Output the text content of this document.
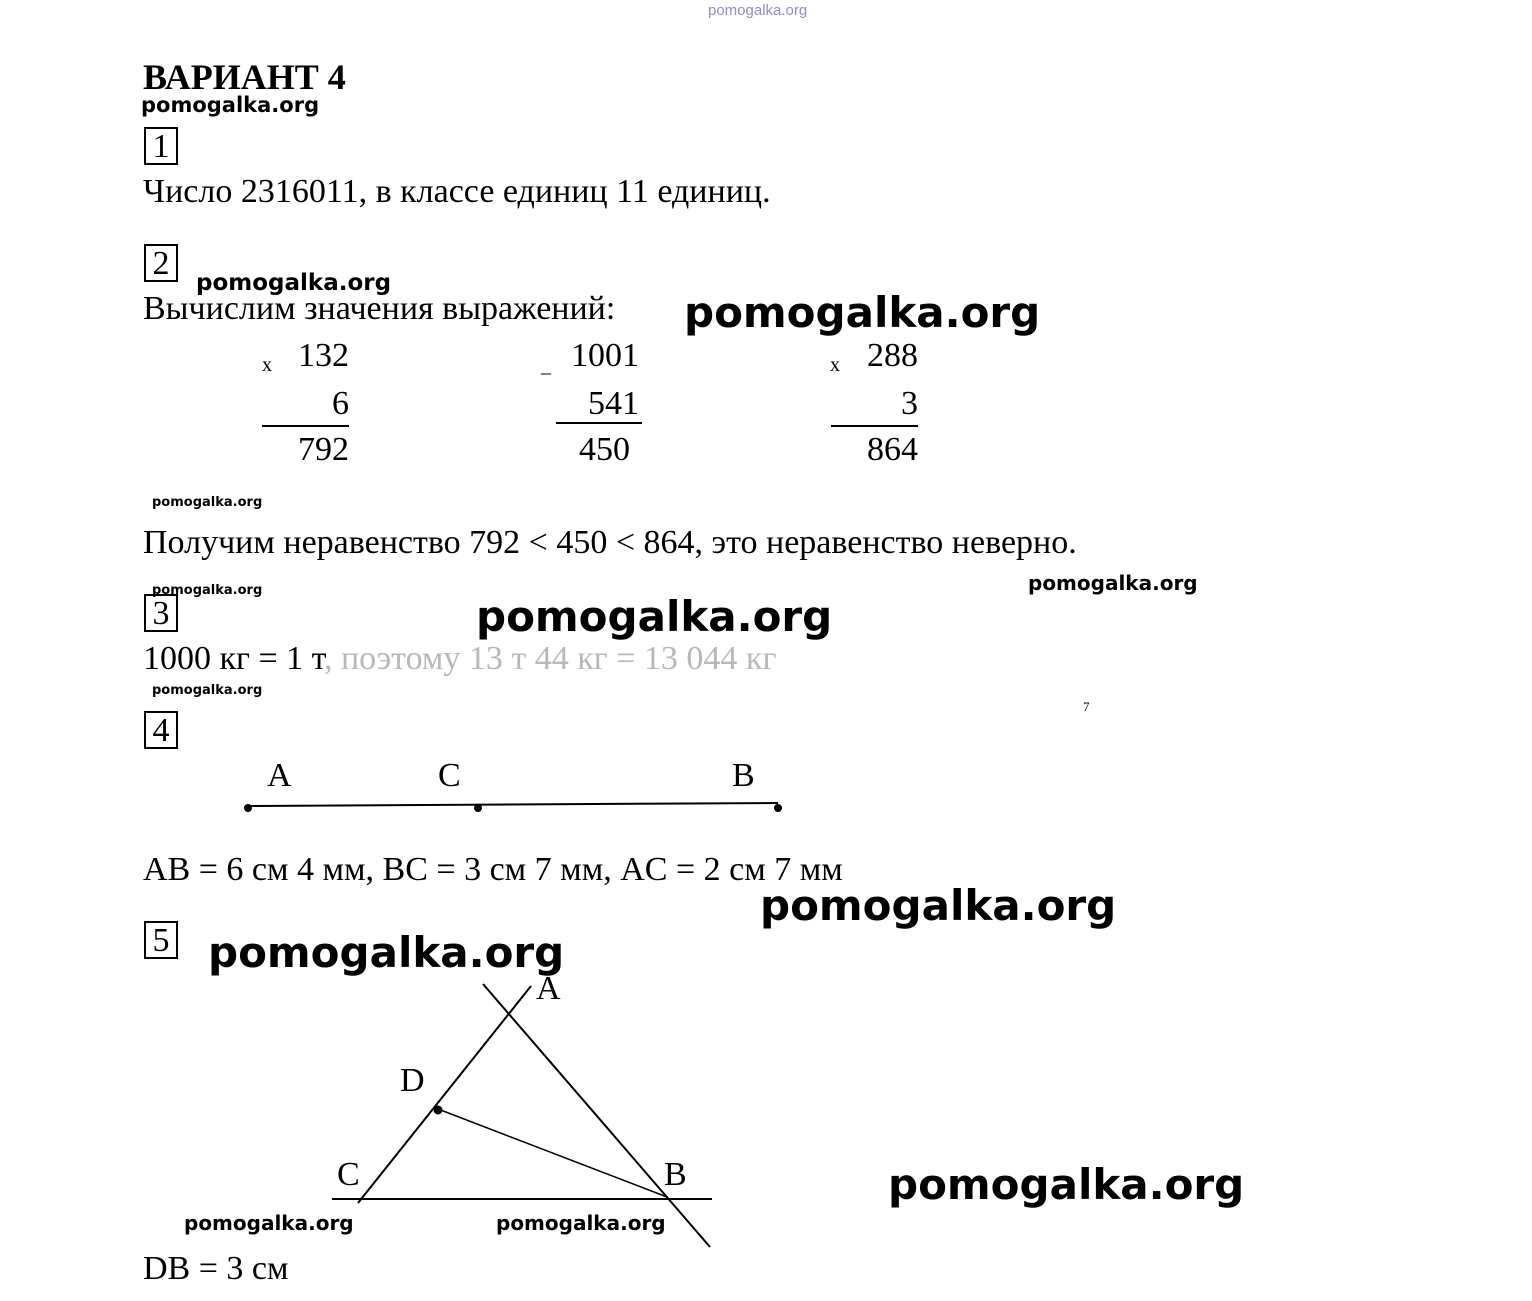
pomogalka.org
ВАРИАНТ 4
pomogalka.org
1
Число 2316011, в классе единиц 11 единиц.
2
pomogalka.org
Вычислим значения выражений: pomogalka.org
x 132
6
792
_ 1001
541
450
x 288
3
864
pomogalka.org
Получим неравенство 792 < 450 < 864, это неравенство неверно.
pomogalka.org
pomogalka.org
3	pomogalka.org
1000 кг = 1 т, поэтому 13 т 44 кг = 13 044 кг
pomogalka.org
7
4
A	C	B
AB = 6 см 4 мм, BC = 3 см 7 мм, AC = 2 см 7 мм
pomogalka.org
5 pomogalka.org
A
D
C	B	pomogalka.org
pomogalka.org	pomogalka.org
DB = 3 см
